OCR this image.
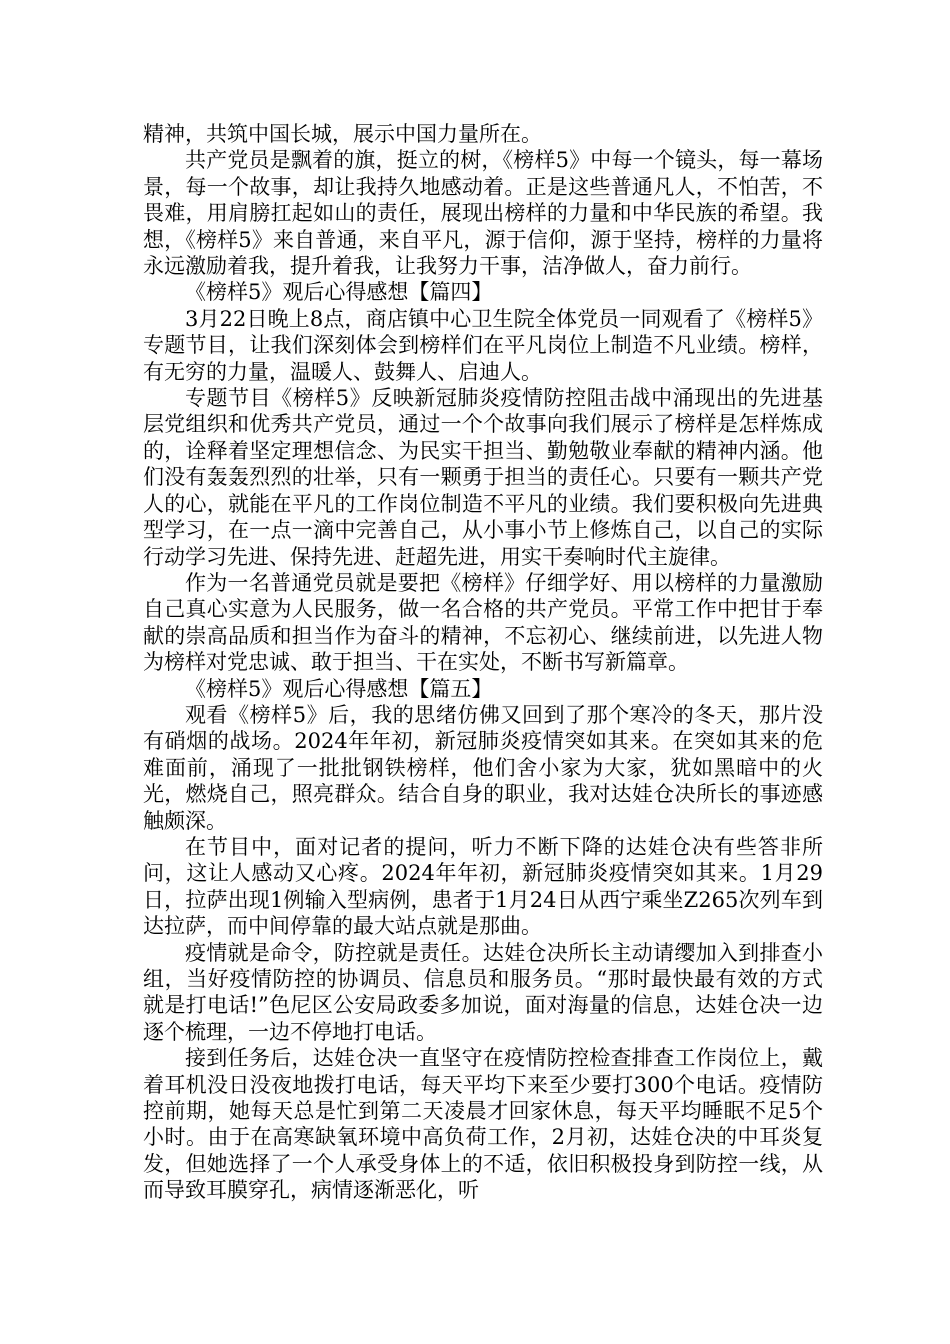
精神，共筑中国长城，展示中国力量所在。

共产党员是飘着的旗，挺立的树，《榜样5》中每一个镜头，每一幕场景，每一个故事，却让我持久地感动着。正是这些普通凡人，不怕苦，不畏难，用肩膀扛起如山的责任，展现出榜样的力量和中华民族的希望。我想，《榜样5》来自普通，来自平凡，源于信仰，源于坚持，榜样的力量将永远激励着我，提升着我，让我努力干事，洁净做人，奋力前行。

《榜样5》观后心得感想【篇四】

3月22日晚上8点，商店镇中心卫生院全体党员一同观看了《榜样5》专题节目，让我们深刻体会到榜样们在平凡岗位上制造不凡业绩。榜样，有无穷的力量，温暖人、鼓舞人、启迪人。

专题节目《榜样5》反映新冠肺炎疫情防控阻击战中涌现出的先进基层党组织和优秀共产党员，通过一个个故事向我们展示了榜样是怎样炼成的，诠释着坚定理想信念、为民实干担当、勤勉敬业奉献的精神内涵。他们没有轰轰烈烈的壮举，只有一颗勇于担当的责任心。只要有一颗共产党人的心，就能在平凡的工作岗位制造不平凡的业绩。我们要积极向先进典型学习，在一点一滴中完善自己，从小事小节上修炼自己，以自己的实际行动学习先进、保持先进、赶超先进，用实干奏响时代主旋律。

作为一名普通党员就是要把《榜样》仔细学好、用以榜样的力量激励自己真心实意为人民服务，做一名合格的共产党员。平常工作中把甘于奉献的崇高品质和担当作为奋斗的精神，不忘初心、继续前进，以先进人物为榜样对党忠诚、敢于担当、干在实处，不断书写新篇章。

《榜样5》观后心得感想【篇五】

观看《榜样5》后，我的思绪仿佛又回到了那个寒冷的冬天，那片没有硝烟的战场。2024年年初，新冠肺炎疫情突如其来。在突如其来的危难面前，涌现了一批批钢铁榜样，他们舍小家为大家，犹如黑暗中的火光，燃烧自己，照亮群众。结合自身的职业，我对达娃仓决所长的事迹感触颇深。

在节目中，面对记者的提问，听力不断下降的达娃仓决有些答非所问，这让人感动又心疼。2024年年初，新冠肺炎疫情突如其来。1月29日，拉萨出现1例输入型病例，患者于1月24日从西宁乘坐Z265次列车到达拉萨，而中间停靠的最大站点就是那曲。

疫情就是命令，防控就是责任。达娃仓决所长主动请缨加入到排查小组，当好疫情防控的协调员、信息员和服务员。“那时最快最有效的方式就是打电话!”色尼区公安局政委多加说，面对海量的信息，达娃仓决一边逐个梳理，一边不停地打电话。

接到任务后，达娃仓决一直坚守在疫情防控检查排查工作岗位上，戴着耳机没日没夜地拨打电话，每天平均下来至少要打300个电话。疫情防控前期，她每天总是忙到第二天凌晨才回家休息，每天平均睡眠不足5个小时。由于在高寒缺氧环境中高负荷工作，2月初，达娃仓决的中耳炎复发，但她选择了一个人承受身体上的不适，依旧积极投身到防控一线，从而导致耳膜穿孔，病情逐渐恶化，听
